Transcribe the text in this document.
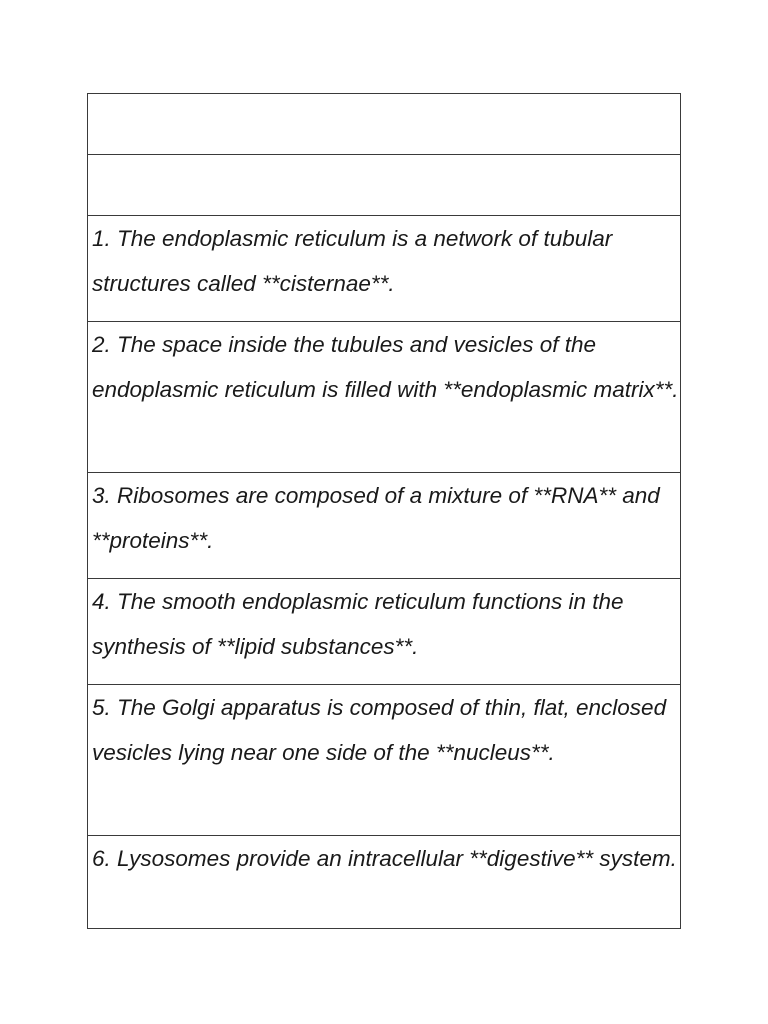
1. The endoplasmic reticulum is a network of tubular structures called **cisternae**.

2. The space inside the tubules and vesicles of the endoplasmic reticulum is filled with **endoplasmic matrix**.

3. Ribosomes are composed of a mixture of **RNA** and **proteins**.

4. The smooth endoplasmic reticulum functions in the synthesis of **lipid substances**.

5. The Golgi apparatus is composed of thin, flat, enclosed vesicles lying near one side of the **nucleus**.

6. Lysosomes provide an intracellular **digestive** system.
